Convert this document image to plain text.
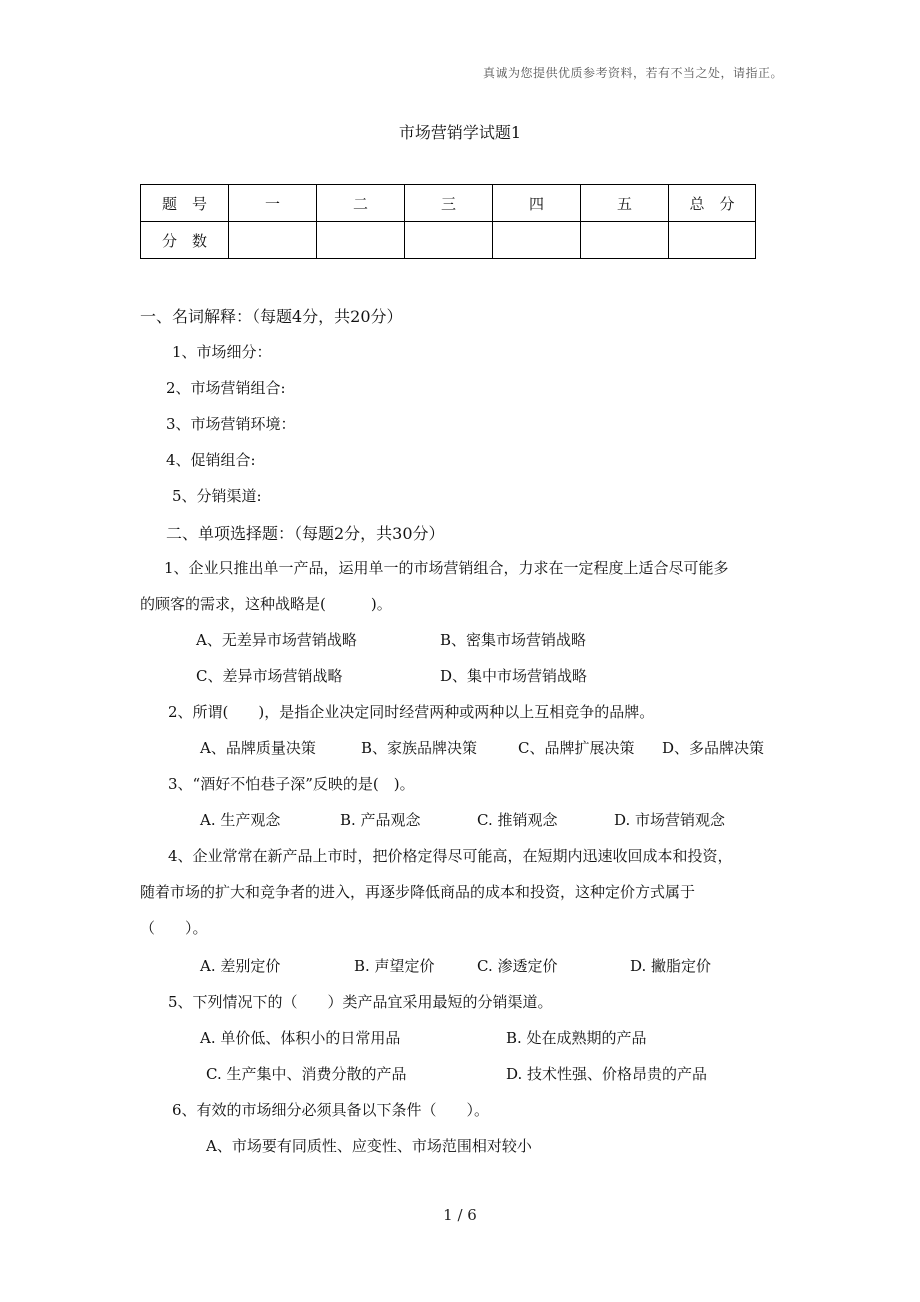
真诚为您提供优质参考资料，若有不当之处，请指正。
市场营销学试题1
题　号	一	二	三	四	五	总　分
分　数						
一、名词解释：（每题4分，共20分）
1、市场细分：
2、市场营销组合:
3、市场营销环境：
4、促销组合:
5、分销渠道:
二、单项选择题：（每题2分，共30分）
1、企业只推出单一产品，运用单一的市场营销组合，力求在一定程度上适合尽可能多
的顾客的需求，这种战略是(　　　)。
A、无差异市场营销战略	B、密集市场营销战略
C、差异市场营销战略	D、集中市场营销战略
2、所谓(　　)，是指企业决定同时经营两种或两种以上互相竞争的品牌。
A、品牌质量决策	B、家族品牌决策	C、品牌扩展决策 D、多品牌决策
3、“酒好不怕巷子深”反映的是(　)。
A. 生产观念	B. 产品观念	C. 推销观念	D. 市场营销观念
4、企业常常在新产品上市时，把价格定得尽可能高，在短期内迅速收回成本和投资，
随着市场的扩大和竞争者的进入，再逐步降低商品的成本和投资，这种定价方式属于
（　　）。
A. 差别定价	B. 声望定价	C. 渗透定价	D. 撇脂定价
5、下列情况下的（　　）类产品宜采用最短的分销渠道。
A. 单价低、体积小的日常用品	B. 处在成熟期的产品
C. 生产集中、消费分散的产品	D. 技术性强、价格昂贵的产品
6、有效的市场细分必须具备以下条件（　　）。
A、市场要有同质性、应变性、市场范围相对较小
1 / 6
